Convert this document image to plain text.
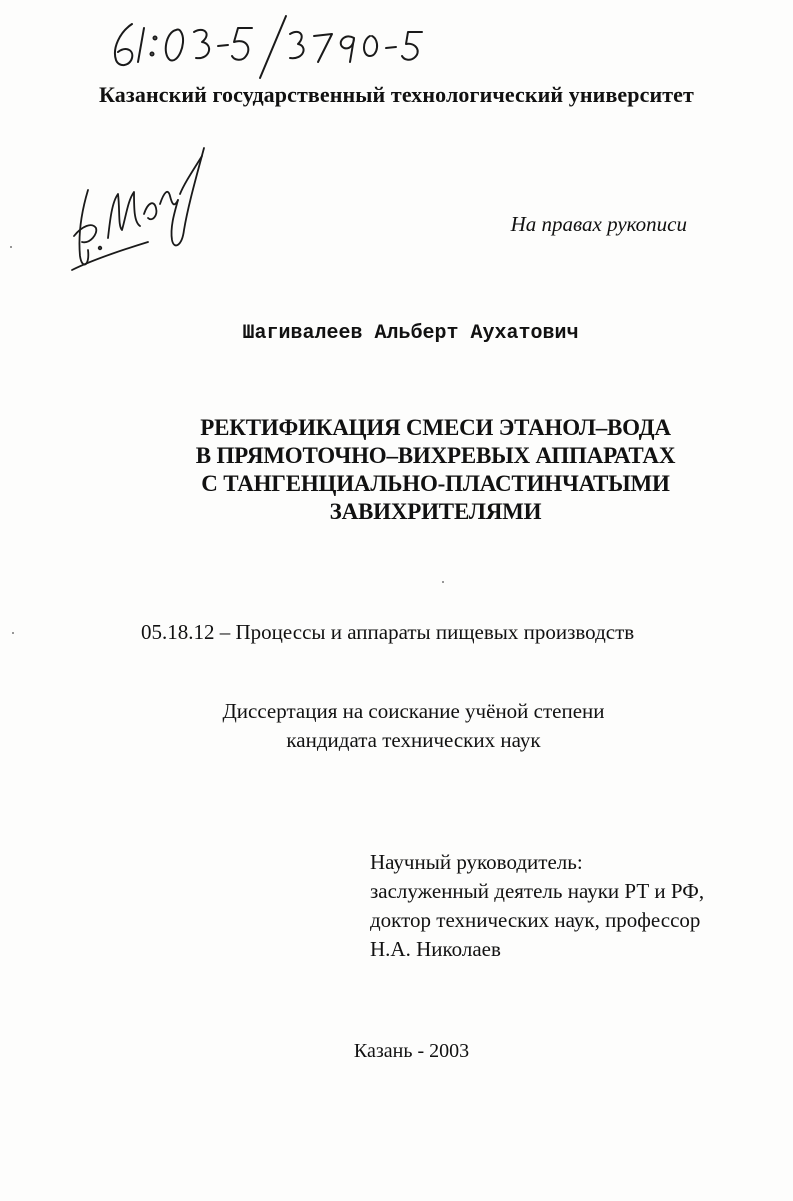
Казанский государственный технологический университет
На правах рукописи
Шагивалеев Альберт Аухатович
РЕКТИФИКАЦИЯ СМЕСИ ЭТАНОЛ–ВОДА
В ПРЯМОТОЧНО–ВИХРЕВЫХ АППАРАТАХ
С ТАНГЕНЦИАЛЬНО-ПЛАСТИНЧАТЫМИ
ЗАВИХРИТЕЛЯМИ
05.18.12 – Процессы и аппараты пищевых производств
Диссертация на соискание учёной степени
кандидата технических наук
Научный руководитель:
заслуженный деятель науки РТ и РФ,
доктор технических наук, профессор
Н.А. Николаев
Казань - 2003
